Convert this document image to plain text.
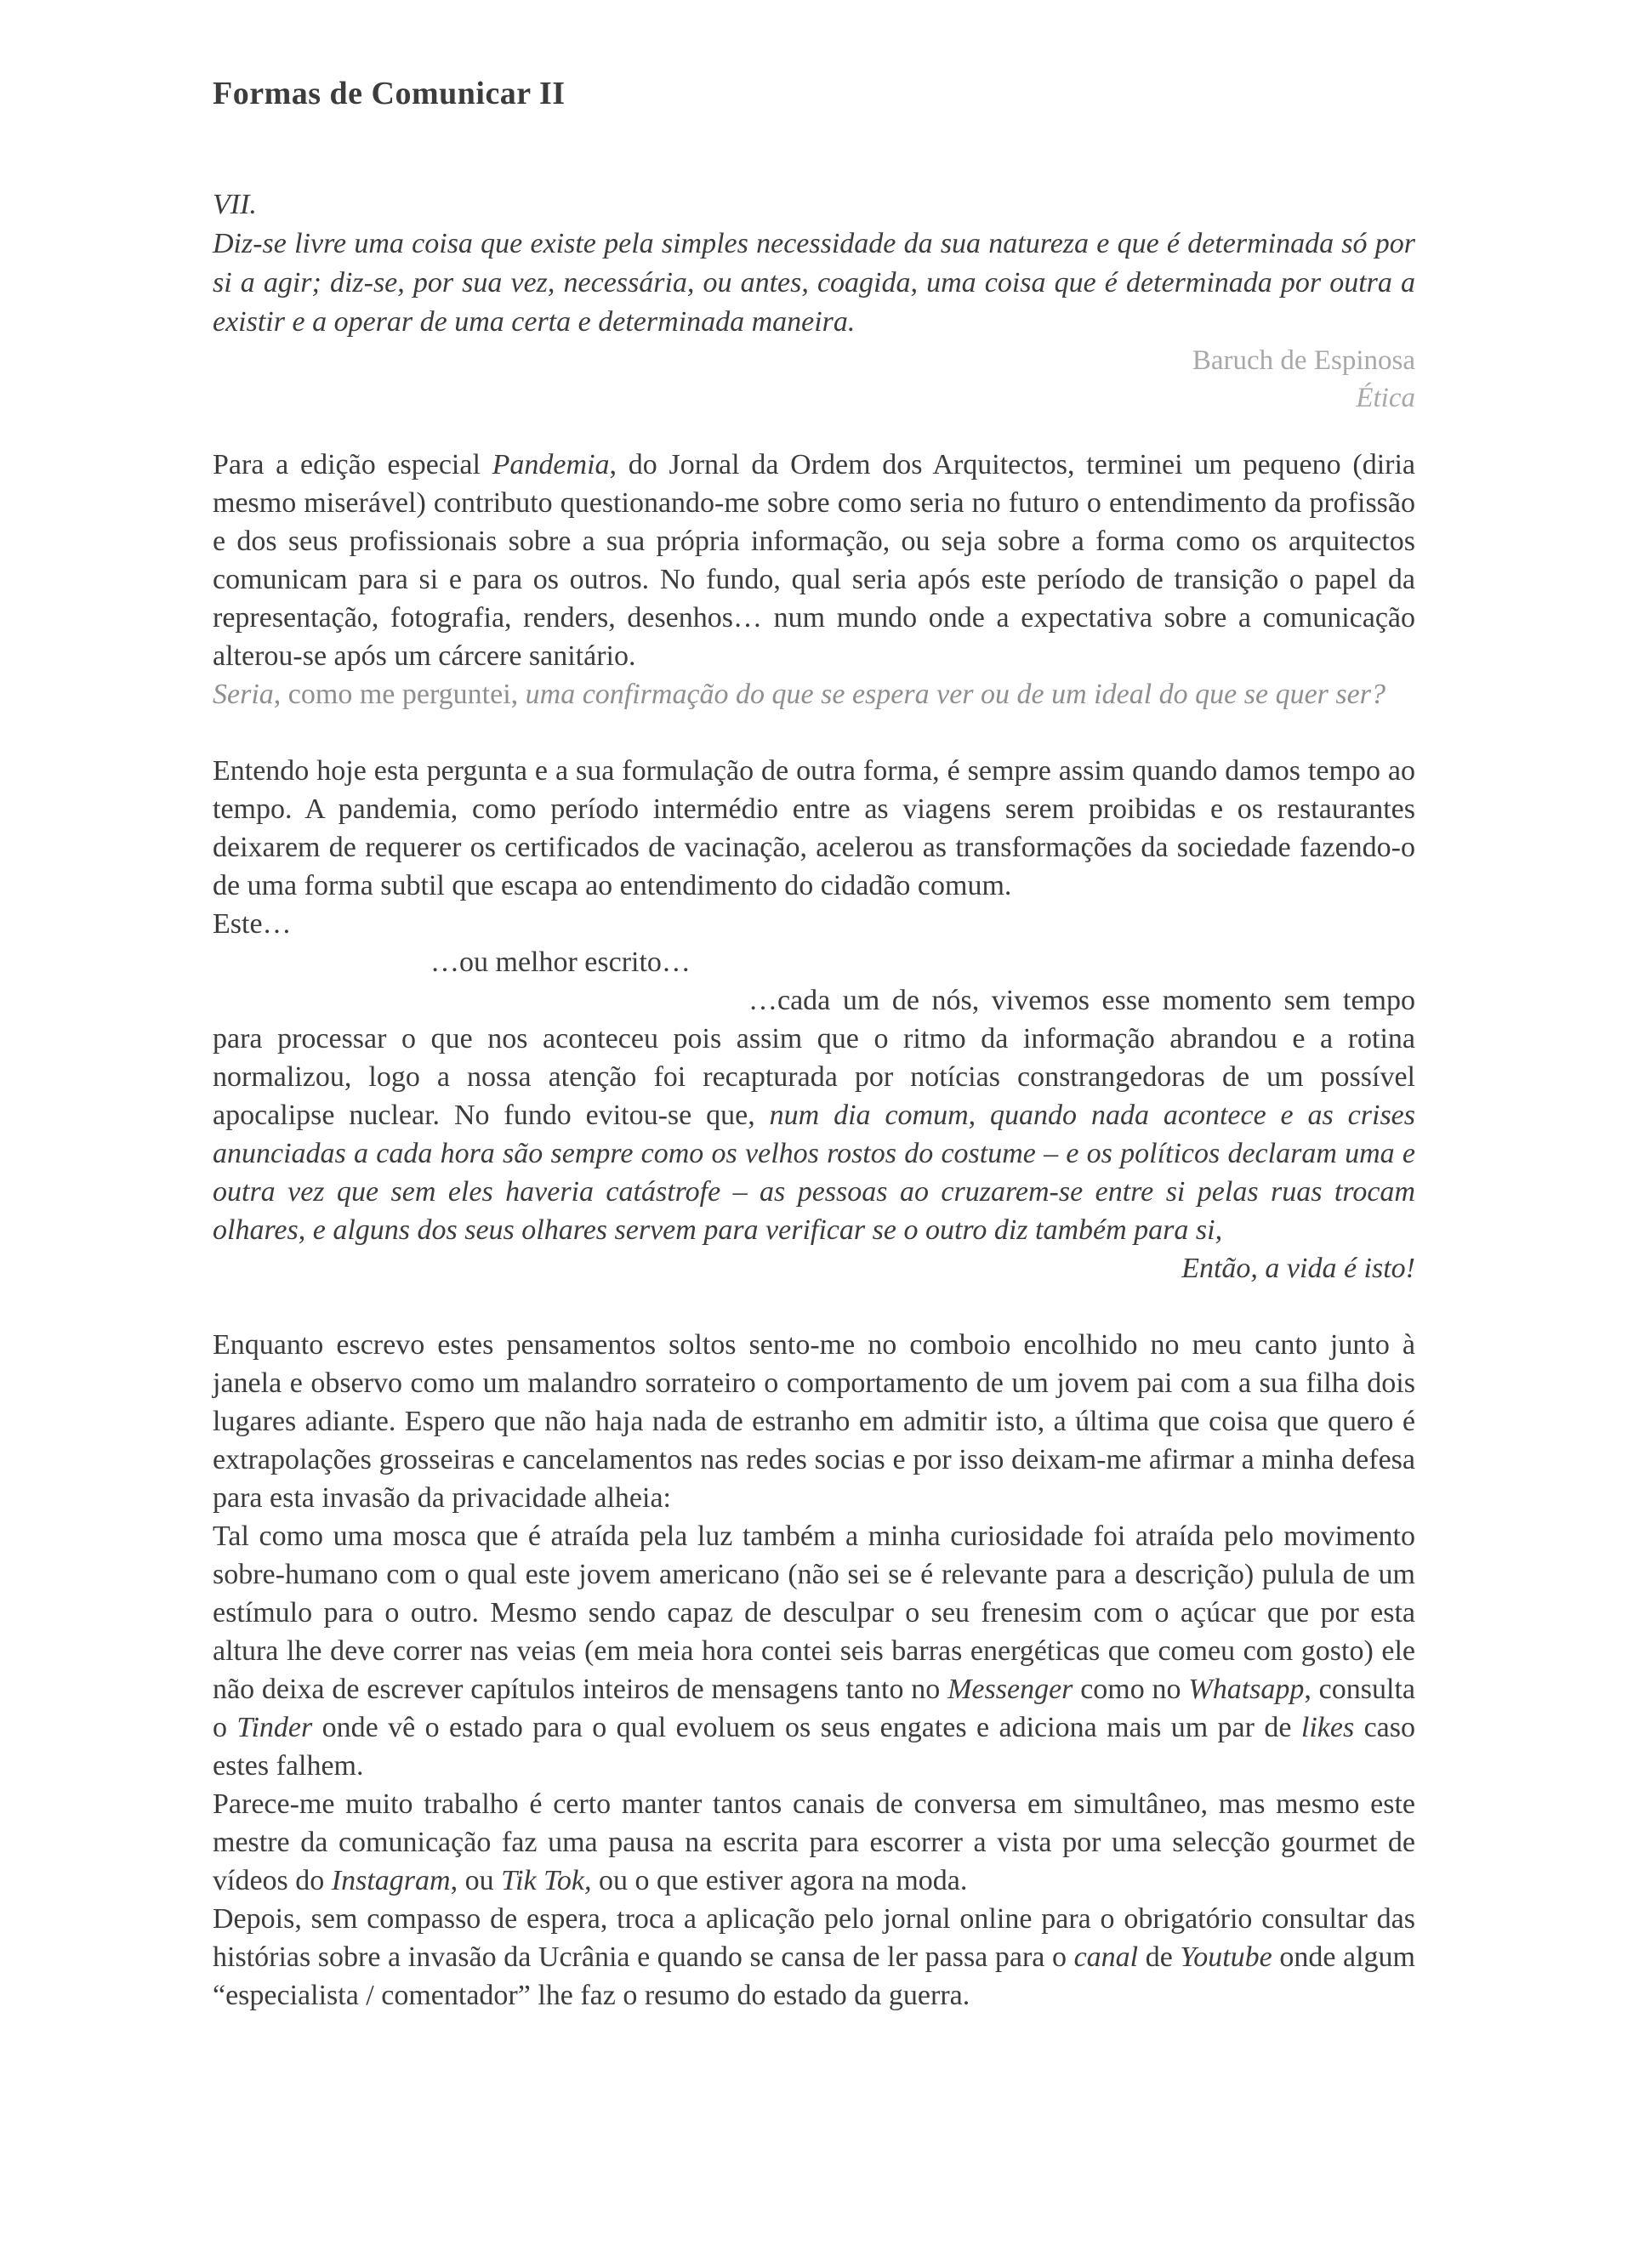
Formas de Comunicar II

VII.

Diz-se livre uma coisa que existe pela simples necessidade da sua natureza e que é determinada só por si a agir; diz-se, por sua vez, necessária, ou antes, coagida, uma coisa que é determinada por outra a existir e a operar de uma certa e determinada maneira.

Baruch de Espinosa

Ética

Para a edição especial Pandemia, do Jornal da Ordem dos Arquitectos, terminei um pequeno (diria mesmo miserável) contributo questionando-me sobre como seria no futuro o entendimento da profissão e dos seus profissionais sobre a sua própria informação, ou seja sobre a forma como os arquitectos comunicam para si e para os outros. No fundo, qual seria após este período de transição o papel da representação, fotografia, renders, desenhos… num mundo onde a expectativa sobre a comunicação alterou-se após um cárcere sanitário.

Seria, como me perguntei, uma confirmação do que se espera ver ou de um ideal do que se quer ser?

Entendo hoje esta pergunta e a sua formulação de outra forma, é sempre assim quando damos tempo ao tempo. A pandemia, como período intermédio entre as viagens serem proibidas e os restaurantes deixarem de requerer os certificados de vacinação, acelerou as transformações da sociedade fazendo-o de uma forma subtil que escapa ao entendimento do cidadão comum.

Este…

…ou melhor escrito…

…cada um de nós, vivemos esse momento sem tempo para processar o que nos aconteceu pois assim que o ritmo da informação abrandou e a rotina normalizou, logo a nossa atenção foi recapturada por notícias constrangedoras de um possível apocalipse nuclear. No fundo evitou-se que, num dia comum, quando nada acontece e as crises anunciadas a cada hora são sempre como os velhos rostos do costume – e os políticos declaram uma e outra vez que sem eles haveria catástrofe – as pessoas ao cruzarem-se entre si pelas ruas trocam olhares, e alguns dos seus olhares servem para verificar se o outro diz também para si,

Então, a vida é isto!

Enquanto escrevo estes pensamentos soltos sento-me no comboio encolhido no meu canto junto à janela e observo como um malandro sorrateiro o comportamento de um jovem pai com a sua filha dois lugares adiante. Espero que não haja nada de estranho em admitir isto, a última que coisa que quero é extrapolações grosseiras e cancelamentos nas redes socias e por isso deixam-me afirmar a minha defesa para esta invasão da privacidade alheia:

Tal como uma mosca que é atraída pela luz também a minha curiosidade foi atraída pelo movimento sobre-humano com o qual este jovem americano (não sei se é relevante para a descrição) pulula de um estímulo para o outro. Mesmo sendo capaz de desculpar o seu frenesim com o açúcar que por esta altura lhe deve correr nas veias (em meia hora contei seis barras energéticas que comeu com gosto) ele não deixa de escrever capítulos inteiros de mensagens tanto no Messenger como no Whatsapp, consulta o Tinder onde vê o estado para o qual evoluem os seus engates e adiciona mais um par de likes caso estes falhem.

Parece-me muito trabalho é certo manter tantos canais de conversa em simultâneo, mas mesmo este mestre da comunicação faz uma pausa na escrita para escorrer a vista por uma selecção gourmet de vídeos do Instagram, ou Tik Tok, ou o que estiver agora na moda.

Depois, sem compasso de espera, troca a aplicação pelo jornal online para o obrigatório consultar das histórias sobre a invasão da Ucrânia e quando se cansa de ler passa para o canal de Youtube onde algum “especialista / comentador” lhe faz o resumo do estado da guerra.
